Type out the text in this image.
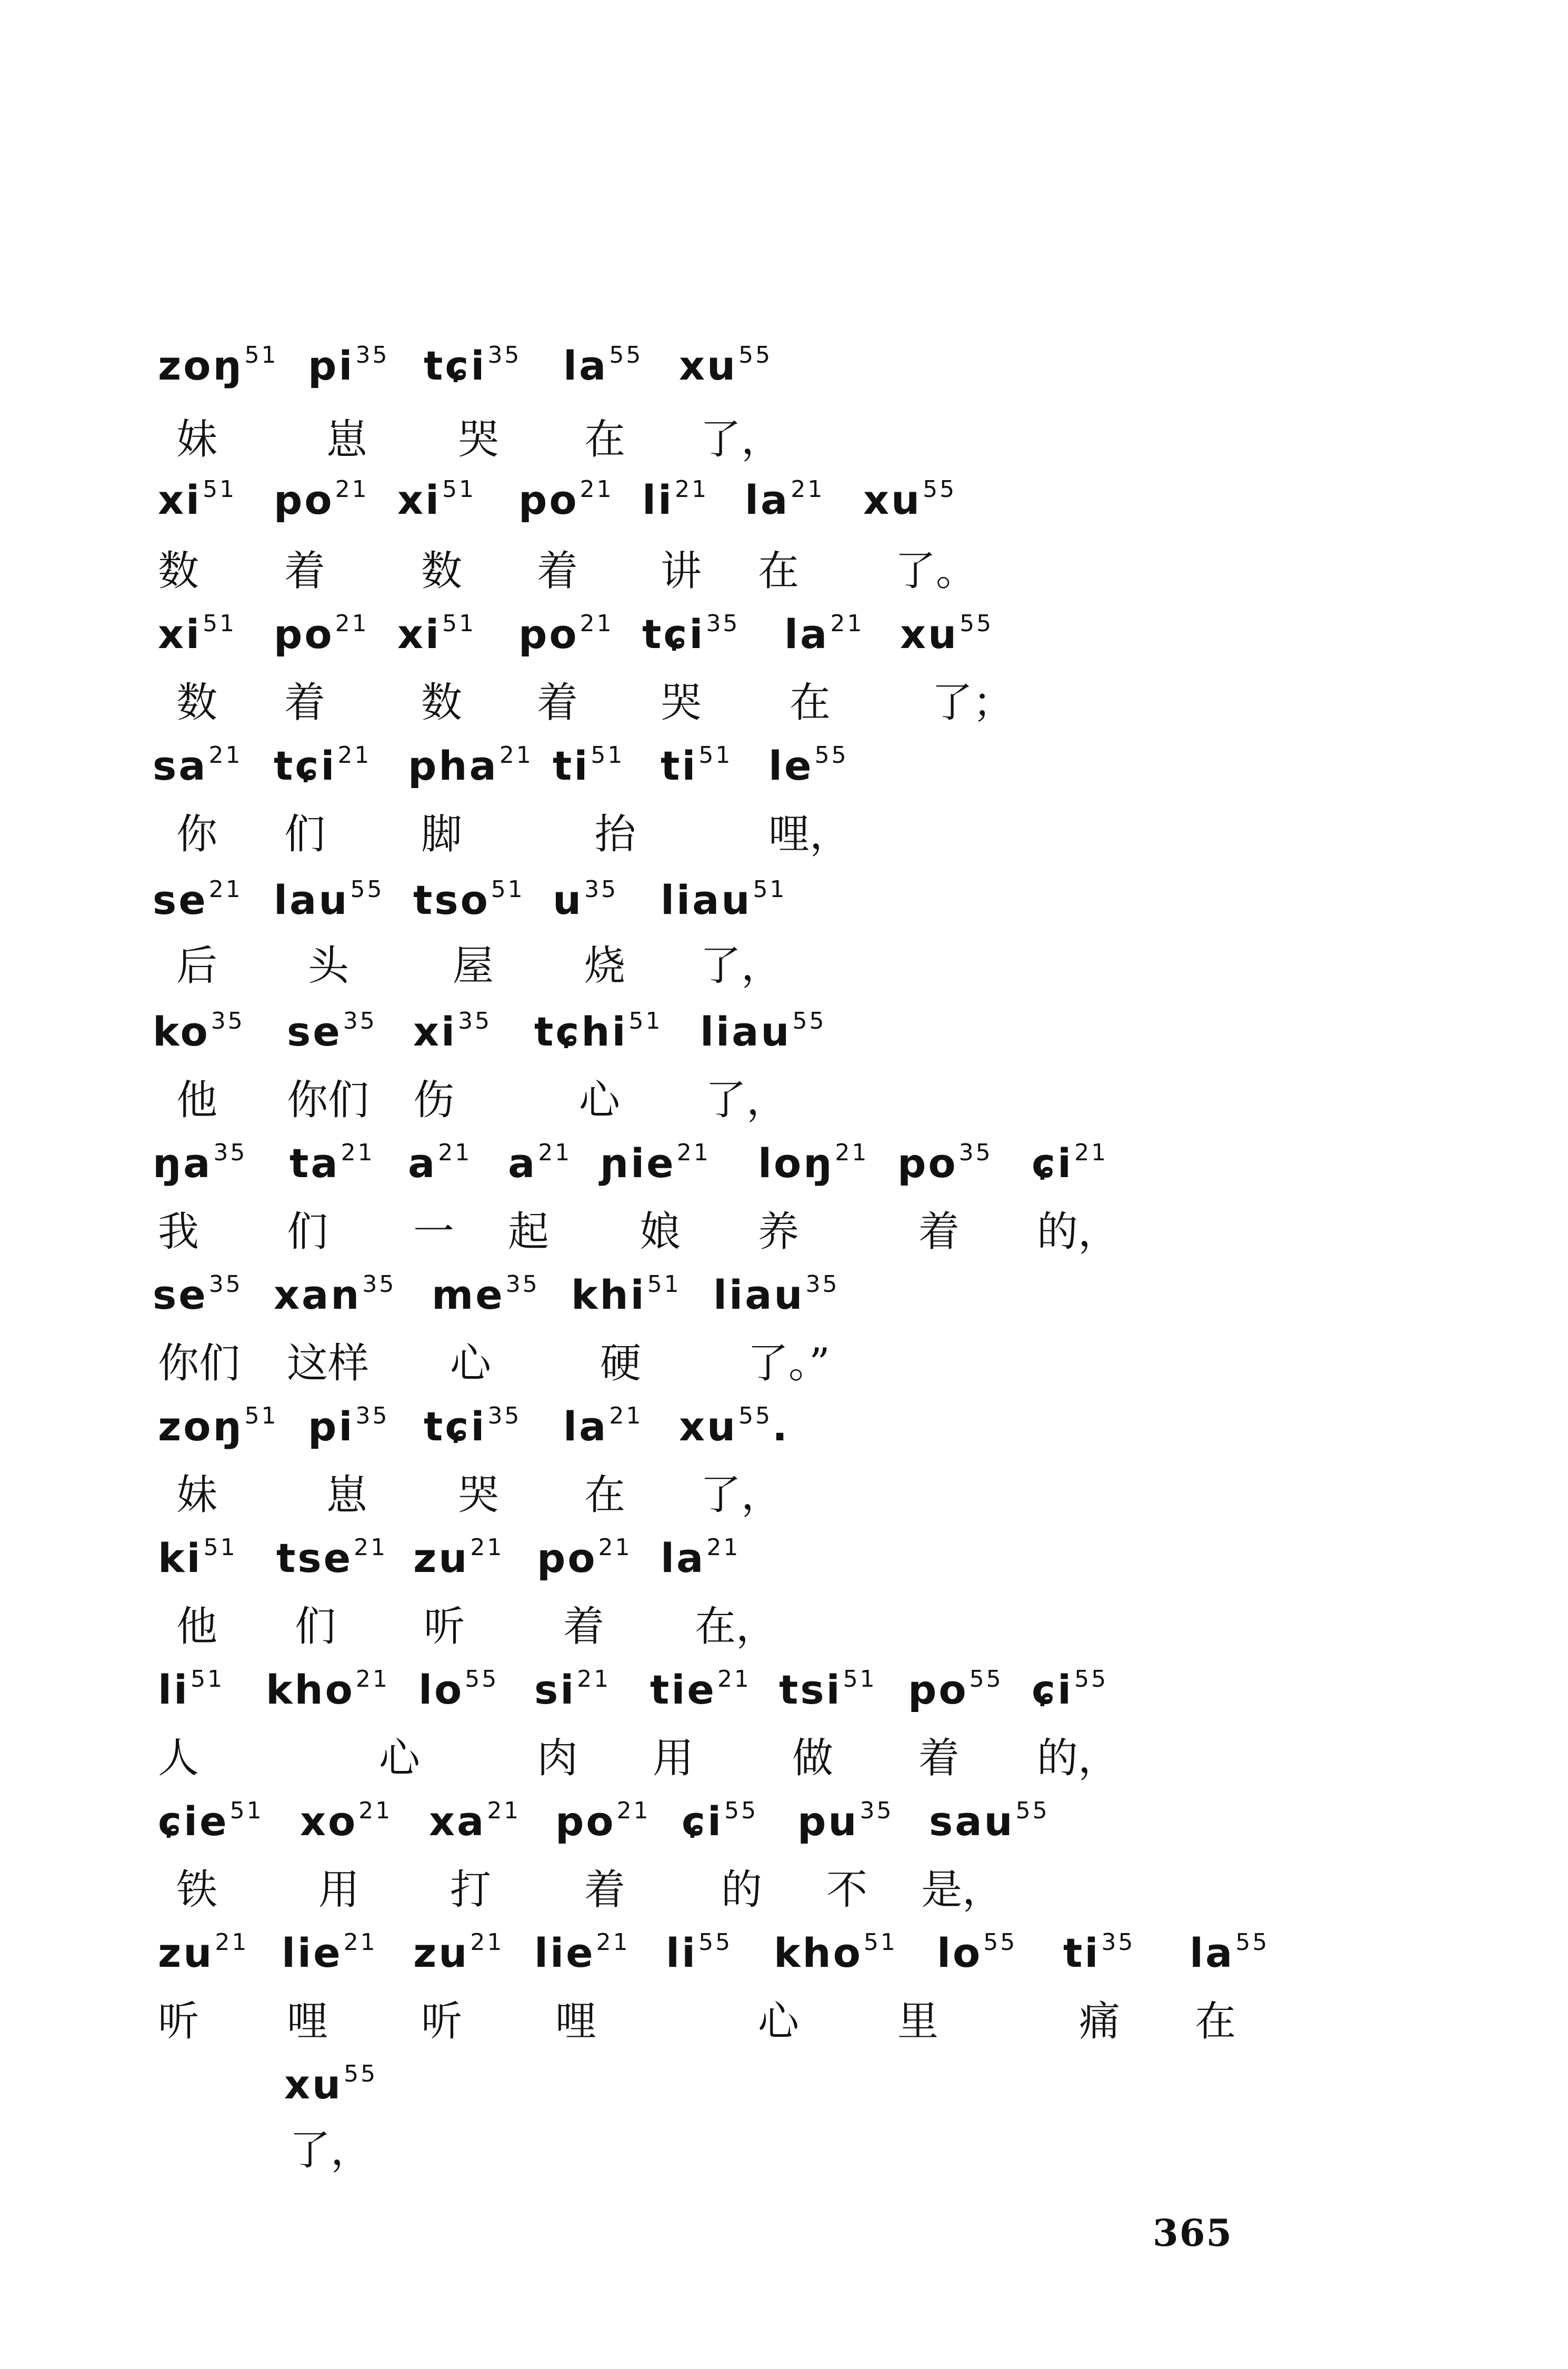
zoŋ$^{51}$ $pi^{35}$ tɕi$^{35}$ $la^{55}$ $xu^{55}$
妹	崽 哭 在 了，
$xi^{51}$ $po^{21}$ $xi^{51}$ $po^{21}$ $li^{21}$ $la^{21}$ $xu^{55}$
数 着 数 着 讲 在 了。
$xi^{51}$ $po^{21}$ $xi^{51}$ $po^{21}$ tɕi$^{35}$ $la^{21}$ $xu^{55}$
数 着 数 着 哭 在 了；
$sa^{21}$ tɕi$^{21}$ pha$^{21}$ $ti^{51}$ $ti^{51}$ $le^{55}$
你 们 脚	抬	哩，
$se^{21}$ lau$^{55}$ tso$^{51}$ $u^{35}$ liau$^{51}$
后 头	屋 烧 了，
$ko^{35}$ $se^{35}$ $xi^{35}$ tɕhi$^{51}$ liau$^{55}$
他 你们 伤	心 了，
$ŋa^{35}$ $ta^{21}$ $a^{21}$ $a^{21}$ ɲie$^{21}$ loŋ$^{21}$ $po^{35}$ ɕi$^{21}$
我 们 一 起 娘 养	着 的，
$se^{35}$ xan$^{35}$ $me^{35}$ khi$^{51}$ liau$^{35}$
你们 这样 心	硬	了。”
zoŋ$^{51}$ $pi^{35}$ tɕi$^{35}$ $la^{21}$ $xu^{55}$.
妹	崽 哭 在 了，
$ki^{51}$ tse$^{21}$ $zu^{21}$ $po^{21}$ $la^{21}$
他 们 听 着 在，
$li^{51}$ kho$^{21}$ $lo^{55}$ $si^{21}$ tie$^{21}$ tsi$^{51}$ $po^{55}$ ɕi$^{55}$
人	心	肉 用 做 着 的，
ɕie$^{51}$ $xo^{21}$ $xa^{21}$ $po^{21}$ ɕi$^{55}$ $pu^{35}$ sau$^{55}$
铁 用 打 着 的 不 是，
$zu^{21}$ lie$^{21}$ $zu^{21}$ lie$^{21}$ $li^{55}$ kho$^{51}$ $lo^{55}$ $ti^{35}$ $la^{55}$
听 哩 听 哩	心 里	痛 在
$xu^{55}$
了，
365
